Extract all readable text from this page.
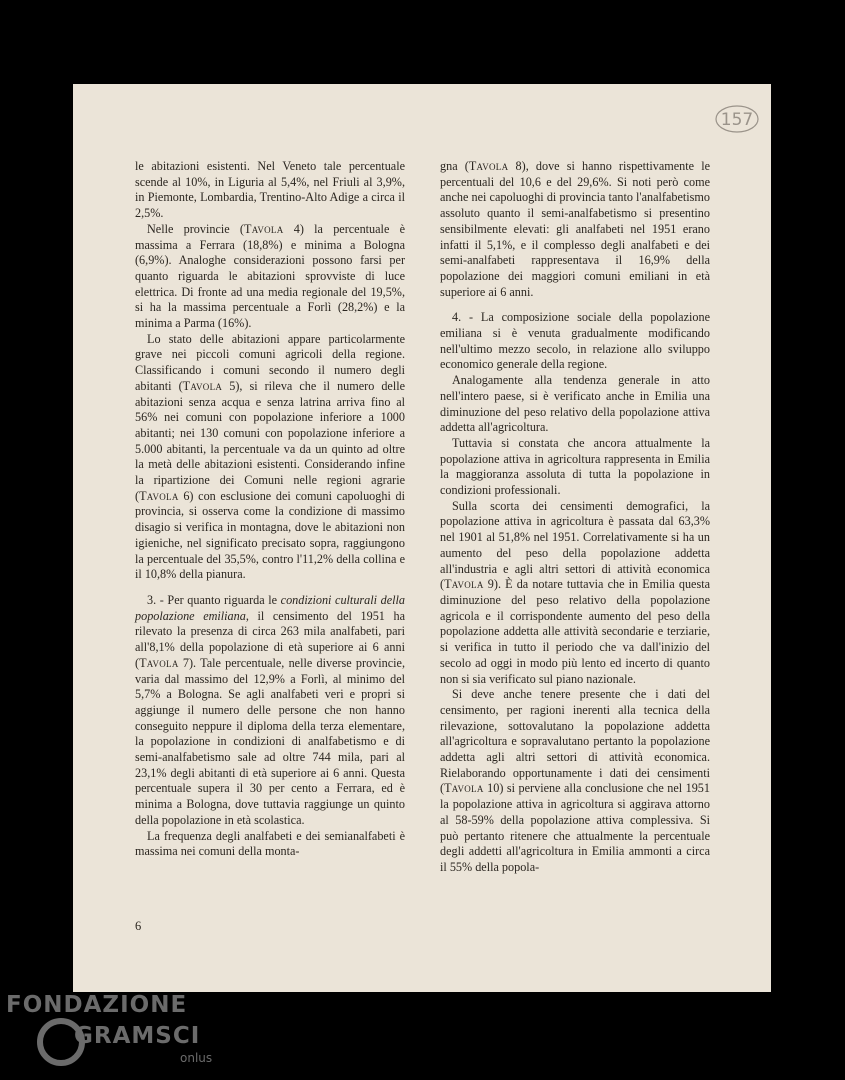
157

le abitazioni esistenti. Nel Veneto tale percentuale scende al 10%, in Liguria al 5,4%, nel Friuli al 3,9%, in Piemonte, Lombardia, Trentino-Alto Adige a circa il 2,5%.

Nelle provincie (Tavola 4) la percentuale è massima a Ferrara (18,8%) e minima a Bologna (6,9%). Analoghe considerazioni possono farsi per quanto riguarda le abitazioni sprovviste di luce elettrica. Di fronte ad una media regionale del 19,5%, si ha la massima percentuale a Forlì (28,2%) e la minima a Parma (16%).

Lo stato delle abitazioni appare particolarmente grave nei piccoli comuni agricoli della regione. Classificando i comuni secondo il numero degli abitanti (Tavola 5), si rileva che il numero delle abitazioni senza acqua e senza latrina arriva fino al 56% nei comuni con popolazione inferiore a 1000 abitanti; nei 130 comuni con popolazione inferiore a 5.000 abitanti, la percentuale va da un quinto ad oltre la metà delle abitazioni esistenti. Considerando infine la ripartizione dei Comuni nelle regioni agrarie (Tavola 6) con esclusione dei comuni capoluoghi di provincia, si osserva come la condizione di massimo disagio si verifica in montagna, dove le abitazioni non igieniche, nel significato precisato sopra, raggiungono la percentuale del 35,5%, contro l'11,2% della collina e il 10,8% della pianura.

3. - Per quanto riguarda le condizioni culturali della popolazione emiliana, il censimento del 1951 ha rilevato la presenza di circa 263 mila analfabeti, pari all'8,1% della popolazione di età superiore ai 6 anni (Tavola 7). Tale percentuale, nelle diverse provincie, varia dal massimo del 12,9% a Forlì, al minimo del 5,7% a Bologna. Se agli analfabeti veri e propri si aggiunge il numero delle persone che non hanno conseguito neppure il diploma della terza elementare, la popolazione in condizioni di analfabetismo e di semi-analfabetismo sale ad oltre 744 mila, pari al 23,1% degli abitanti di età superiore ai 6 anni. Questa percentuale supera il 30 per cento a Ferrara, ed è minima a Bologna, dove tuttavia raggiunge un quinto della popolazione in età scolastica.

La frequenza degli analfabeti e dei semianalfabeti è massima nei comuni della monta-

gna (Tavola 8), dove si hanno rispettivamente le percentuali del 10,6 e del 29,6%. Si noti però come anche nei capoluoghi di provincia tanto l'analfabetismo assoluto quanto il semi-analfabetismo si presentino sensibilmente elevati: gli analfabeti nel 1951 erano infatti il 5,1%, e il complesso degli analfabeti e dei semi-analfabeti rappresentava il 16,9% della popolazione dei maggiori comuni emiliani in età superiore ai 6 anni.

4. - La composizione sociale della popolazione emiliana si è venuta gradualmente modificando nell'ultimo mezzo secolo, in relazione allo sviluppo economico generale della regione.

Analogamente alla tendenza generale in atto nell'intero paese, si è verificato anche in Emilia una diminuzione del peso relativo della popolazione attiva addetta all'agricoltura.

Tuttavia si constata che ancora attualmente la popolazione attiva in agricoltura rappresenta in Emilia la maggioranza assoluta di tutta la popolazione in condizioni professionali.

Sulla scorta dei censimenti demografici, la popolazione attiva in agricoltura è passata dal 63,3% nel 1901 al 51,8% nel 1951. Correlativamente si ha un aumento del peso della popolazione addetta all'industria e agli altri settori di attività economica (Tavola 9). È da notare tuttavia che in Emilia questa diminuzione del peso relativo della popolazione agricola e il corrispondente aumento del peso della popolazione addetta alle attività secondarie e terziarie, si verifica in tutto il periodo che va dall'inizio del secolo ad oggi in modo più lento ed incerto di quanto non si sia verificato sul piano nazionale.

Si deve anche tenere presente che i dati del censimento, per ragioni inerenti alla tecnica della rilevazione, sottovalutano la popolazione addetta all'agricoltura e sopravalutano pertanto la popolazione addetta agli altri settori di attività economica. Rielaborando opportunamente i dati dei censimenti (Tavola 10) si perviene alla conclusione che nel 1951 la popolazione attiva in agricoltura si aggirava attorno al 58-59% della popolazione attiva complessiva. Si può pertanto ritenere che attualmente la percentuale degli addetti all'agricoltura in Emilia ammonti a circa il 55% della popola-

6
FONDAZIONE
GRAMSCI
onlus
